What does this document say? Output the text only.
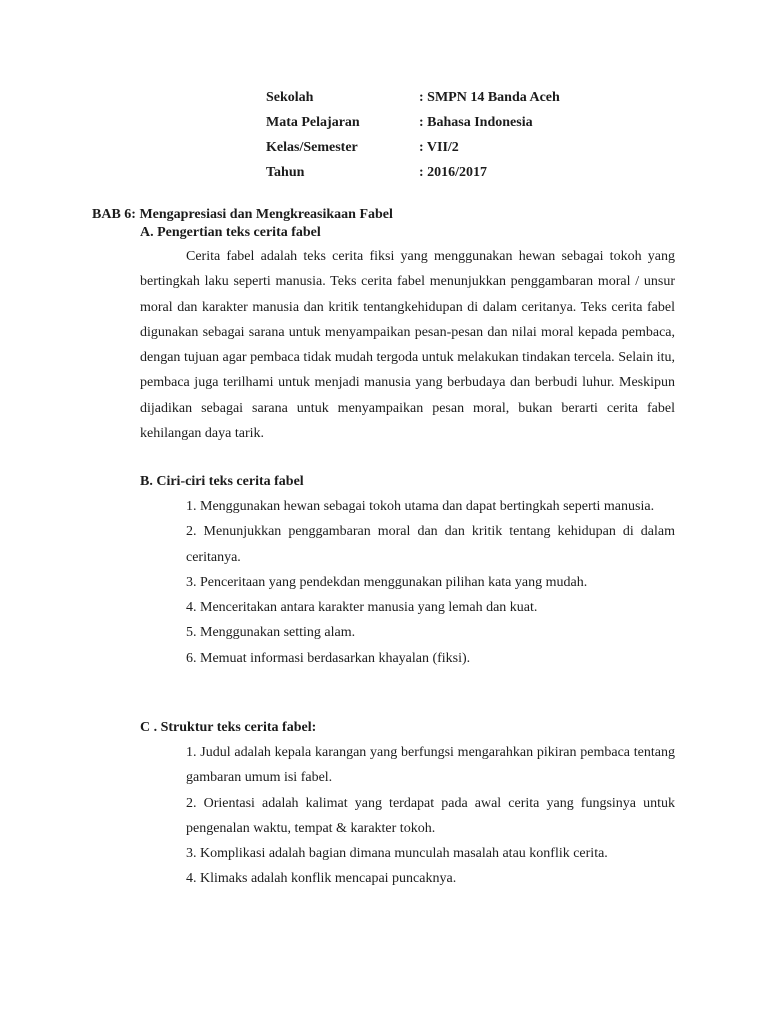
Sekolah	: SMPN 14 Banda Aceh
Mata Pelajaran	: Bahasa Indonesia
Kelas/Semester	: VII/2
Tahun	: 2016/2017
BAB 6: Mengapresiasi dan Mengkreasikaan Fabel
A. Pengertian teks cerita fabel

Cerita fabel adalah teks cerita fiksi yang menggunakan hewan sebagai tokoh yang bertingkah laku seperti manusia. Teks cerita fabel menunjukkan penggambaran moral / unsur moral dan karakter manusia dan kritik tentangkehidupan di dalam ceritanya. Teks cerita fabel digunakan sebagai sarana untuk menyampaikan pesan-pesan dan nilai moral kepada pembaca, dengan tujuan agar pembaca tidak mudah tergoda untuk melakukan tindakan tercela. Selain itu, pembaca juga terilhami untuk menjadi manusia yang berbudaya dan berbudi luhur. Meskipun dijadikan sebagai sarana untuk menyampaikan pesan moral, bukan berarti cerita fabel kehilangan daya tarik.

B. Ciri-ciri teks cerita fabel
1. Menggunakan hewan sebagai tokoh utama dan dapat bertingkah seperti manusia.
2. Menunjukkan penggambaran moral dan dan kritik tentang kehidupan di dalam ceritanya.
3. Penceritaan yang pendekdan menggunakan pilihan kata yang mudah.
4. Menceritakan antara karakter manusia yang lemah dan kuat.
5. Menggunakan setting alam.
6. Memuat informasi berdasarkan khayalan (fiksi).
C . Struktur teks cerita fabel:
1. Judul adalah kepala karangan yang berfungsi mengarahkan pikiran pembaca tentang gambaran umum isi fabel.
2. Orientasi adalah kalimat yang terdapat pada awal cerita yang fungsinya untuk pengenalan waktu, tempat & karakter tokoh.
3. Komplikasi adalah bagian dimana munculah masalah atau konflik cerita.
4. Klimaks adalah konflik mencapai puncaknya.
